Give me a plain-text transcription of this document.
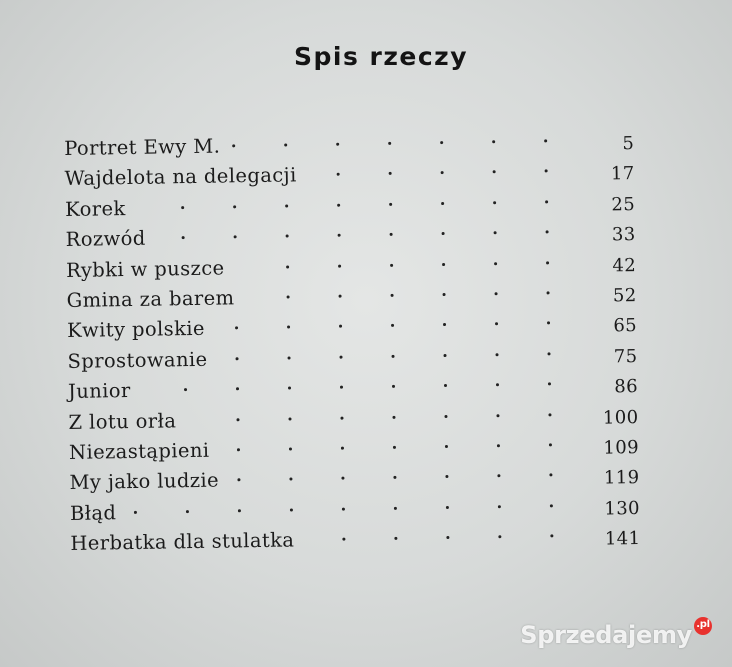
Spis rzeczy
Portret Ewy M.	5
Wajdelota na delegacji	17
Korek	25
Rozwód	33
Rybki w puszce	42
Gmina za barem	52
Kwity polskie	65
Sprostowanie	75
Junior	86
Z lotu orła	100
Niezastąpieni	109
My jako ludzie	119
Błąd	130
Herbatka dla stulatka	141
Sprzedajemy .pl
